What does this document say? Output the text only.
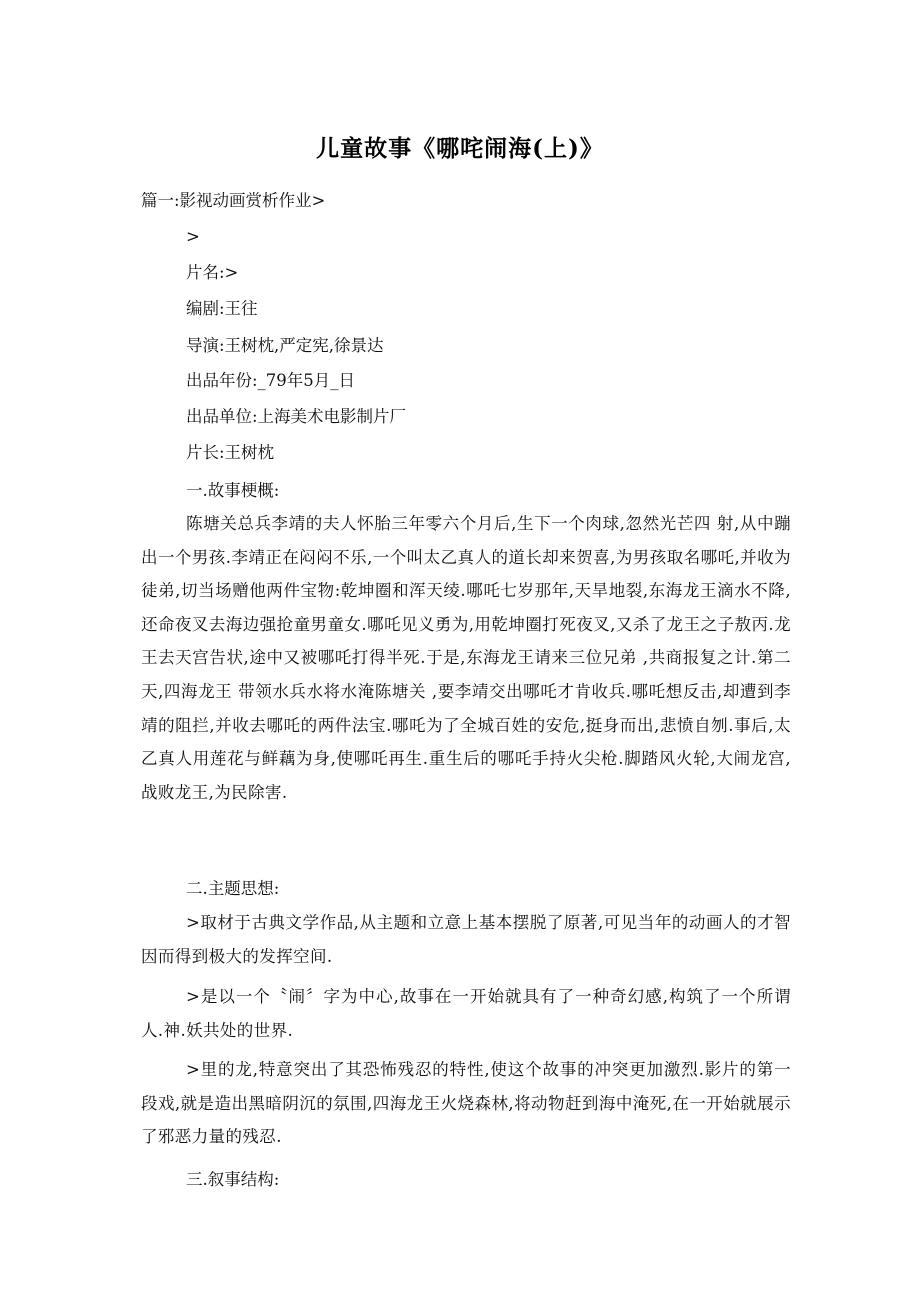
儿童故事《哪咤闹海(上)》
篇一:影视动画赏析作业>
>
片名:>
编剧:王往
导演:王树枕,严定宪,徐景达
出品年份:_79年5月_日
出品单位:上海美术电影制片厂
片长:王树枕
一.故事梗概:
陈塘关总兵李靖的夫人怀胎三年零六个月后,生下一个肉球,忽然光芒四 射,从中蹦出一个男孩.李靖正在闷闷不乐,一个叫太乙真人的道长却来贺喜,为男孩取名哪吒,并收为徒弟,切当场赠他两件宝物:乾坤圈和浑天绫.哪吒七岁那年,天旱地裂,东海龙王滴水不降,还命夜叉去海边强抢童男童女.哪吒见义勇为,用乾坤圈打死夜叉,又杀了龙王之子敖丙.龙王去天宫告状,途中又被哪吒打得半死.于是,东海龙王请来三位兄弟 ,共商报复之计.第二天,四海龙王 带领水兵水将水淹陈塘关 ,要李靖交出哪吒才肯收兵.哪吒想反击,却遭到李靖的阻拦,并收去哪吒的两件法宝.哪吒为了全城百姓的安危,挺身而出,悲愤自刎.事后,太乙真人用莲花与鲜藕为身,使哪吒再生.重生后的哪吒手持火尖枪.脚踏风火轮,大闹龙宫,战败龙王,为民除害.
二.主题思想:
>取材于古典文学作品,从主题和立意上基本摆脱了原著,可见当年的动画人的才智因而得到极大的发挥空间.
>是以一个〝闹〞字为中心,故事在一开始就具有了一种奇幻感,构筑了一个所谓人.神.妖共处的世界.
>里的龙,特意突出了其恐怖残忍的特性,使这个故事的冲突更加激烈.影片的第一段戏,就是造出黑暗阴沉的氛围,四海龙王火烧森林,将动物赶到海中淹死,在一开始就展示了邪恶力量的残忍.
三.叙事结构:
